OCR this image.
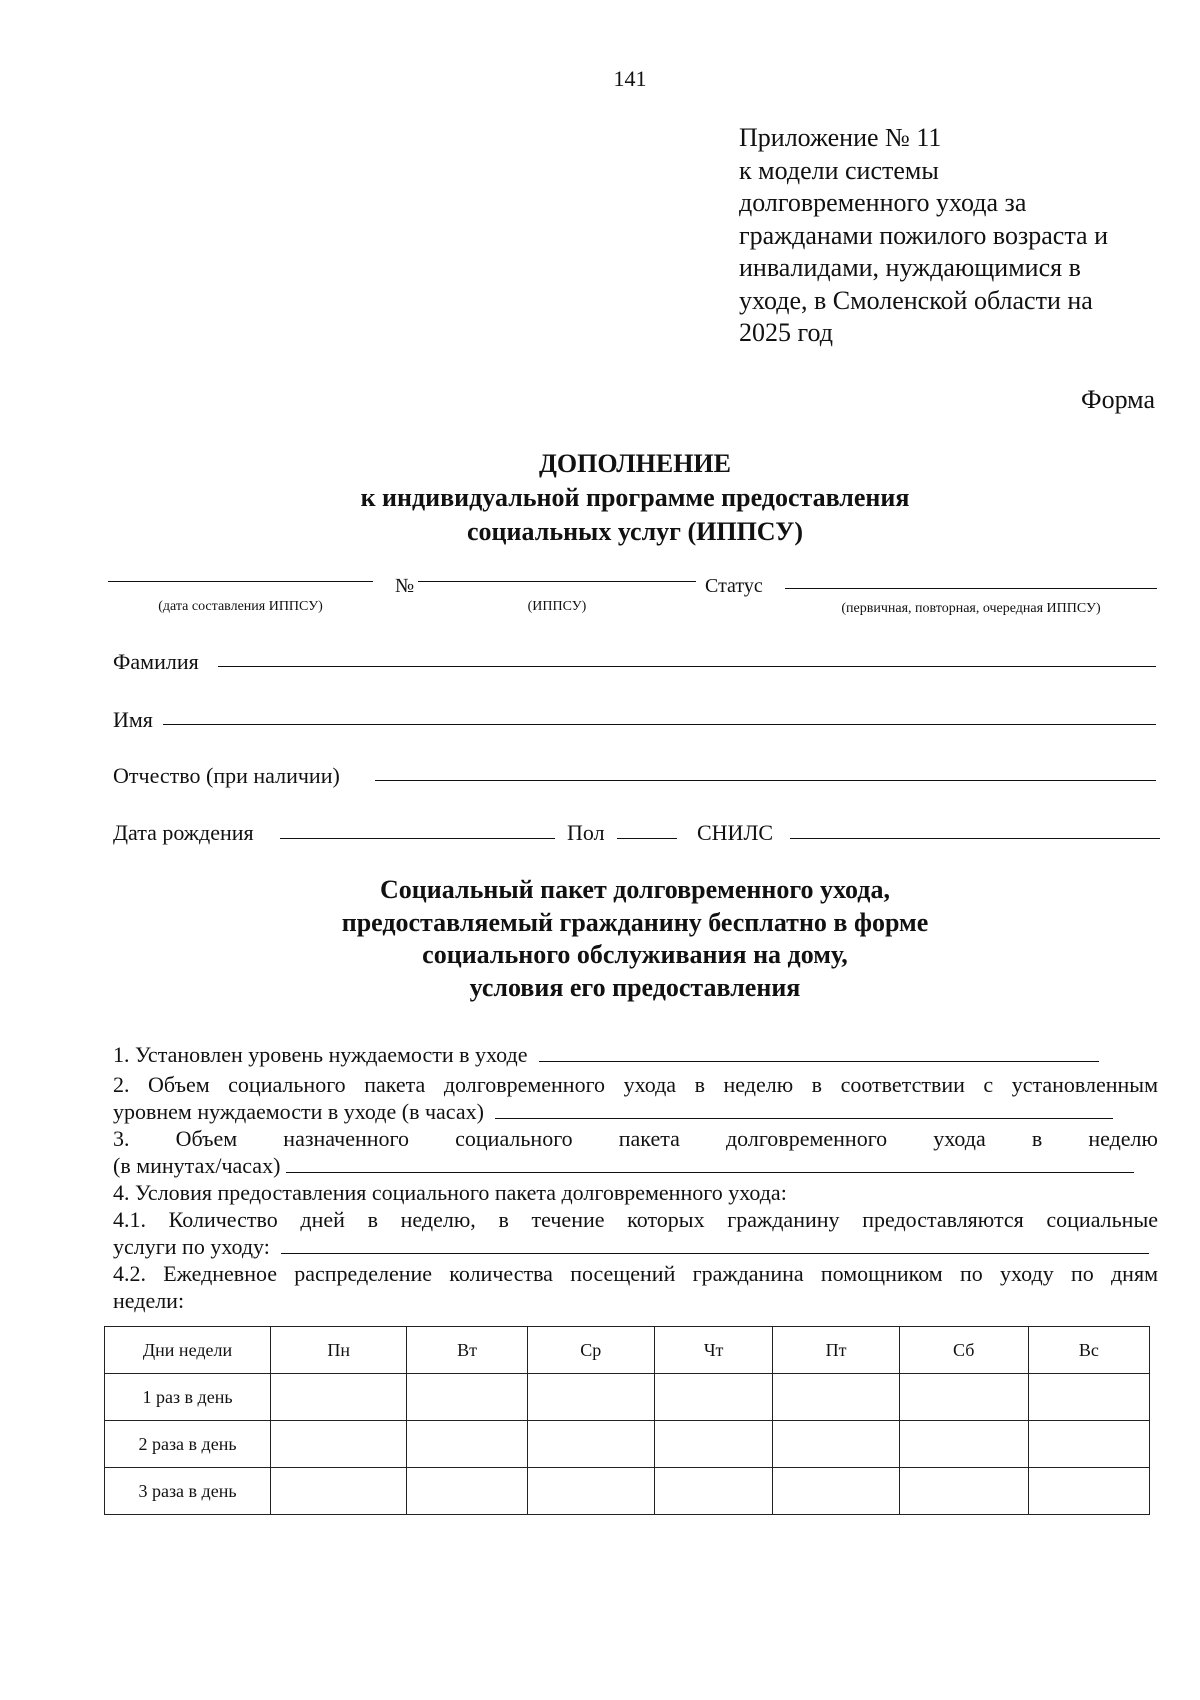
141
Приложение № 11
к модели системы
долговременного ухода за
гражданами пожилого возраста и
инвалидами, нуждающимися в
уходе, в Смоленской области на
2025 год
Форма
ДОПОЛНЕНИЕ
к индивидуальной программе предоставления
социальных услуг (ИППСУ)
№	Статус
(дата составления ИППСУ)	(ИППСУ)	(первичная, повторная, очередная ИППСУ)
Фамилия
Имя
Отчество (при наличии)
Дата рождения	Пол	СНИЛС
Социальный пакет долговременного ухода,
предоставляемый гражданину бесплатно в форме
социального обслуживания на дому,
условия его предоставления
1. Установлен уровень нуждаемости в уходе
2. Объем социального пакета долговременного ухода в неделю в соответствии с установленным
уровнем нуждаемости в уходе (в часах)
3. Объем назначенного социального пакета долговременного ухода в неделю
(в минутах/часах)
4. Условия предоставления социального пакета долговременного ухода:
4.1. Количество дней в неделю, в течение которых гражданину предоставляются социальные
услуги по уходу:
4.2. Ежедневное распределение количества посещений гражданина помощником по уходу по дням
недели:
Дни недели	Пн	Вт	Ср	Чт	Пт	Сб	Вс
1 раз в день							
2 раза в день							
3 раза в день							
